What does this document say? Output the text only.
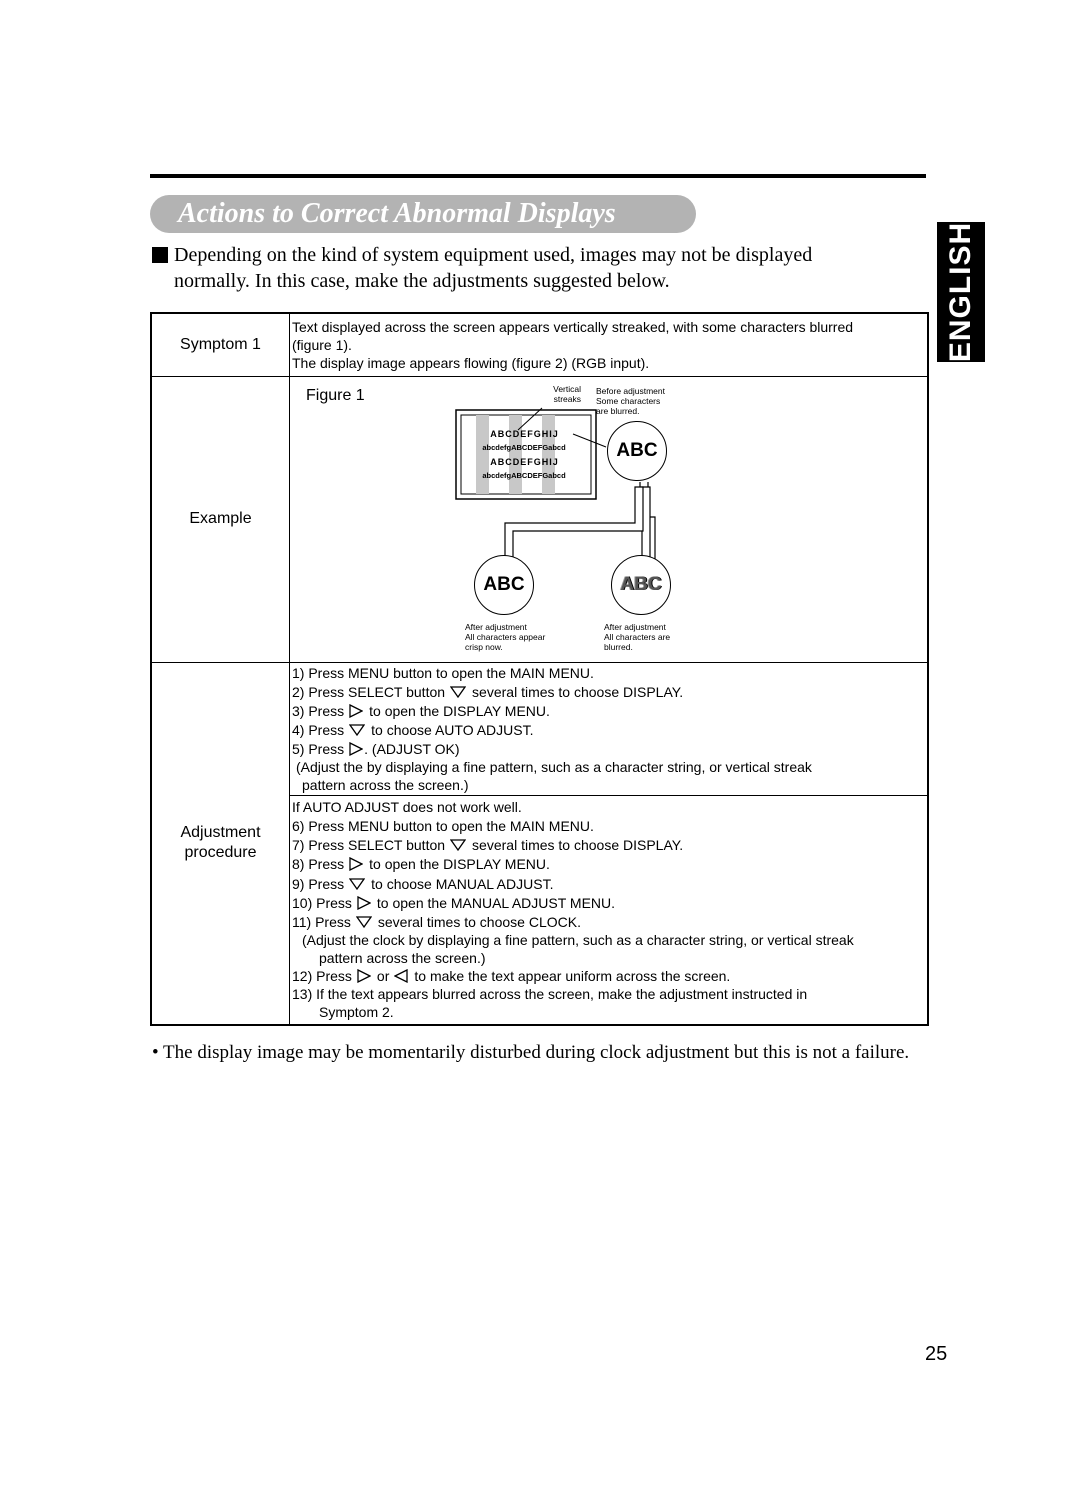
Actions to Correct Abnormal Displays
ENGLISH
Depending on the kind of system equipment used, images may not be displayed
normally. In this case, make the adjustments suggested below.
Symptom 1
Text displayed across the screen appears vertically streaked, with some characters blurred
(figure 1).
The display image appears flowing (figure 2) (RGB input).
Example
Figure 1
ABCDEFGHIJ
abcdefgABCDEFGabcd
ABCDEFGHIJ
abcdefgABCDEFGabcd
Vertical
streaks
Before adjustment
Some characters
are blurred.
ABC
ABC	ABC
After adjustment
All characters appear
crisp now.
After adjustment
All characters are
blurred.
Adjustment
procedure
1) Press MENU button to open the MAIN MENU.
2) Press SELECT button several times to choose DISPLAY.
3) Press to open the DISPLAY MENU.
4) Press to choose AUTO ADJUST.
5) Press . (ADJUST OK)
(Adjust the by displaying a fine pattern, such as a character string, or vertical streak
pattern across the screen.)
If AUTO ADJUST does not work well.
6) Press MENU button to open the MAIN MENU.
7) Press SELECT button several times to choose DISPLAY.
8) Press to open the DISPLAY MENU.
9) Press to choose MANUAL ADJUST.
10) Press to open the MANUAL ADJUST MENU.
11) Press several times to choose CLOCK.
(Adjust the clock by displaying a fine pattern, such as a character string, or vertical streak
pattern across the screen.)
12) Press or to make the text appear uniform across the screen.
13) If the text appears blurred across the screen, make the adjustment instructed in
Symptom 2.
• The display image may be momentarily disturbed during clock adjustment but this is not a failure.
25
